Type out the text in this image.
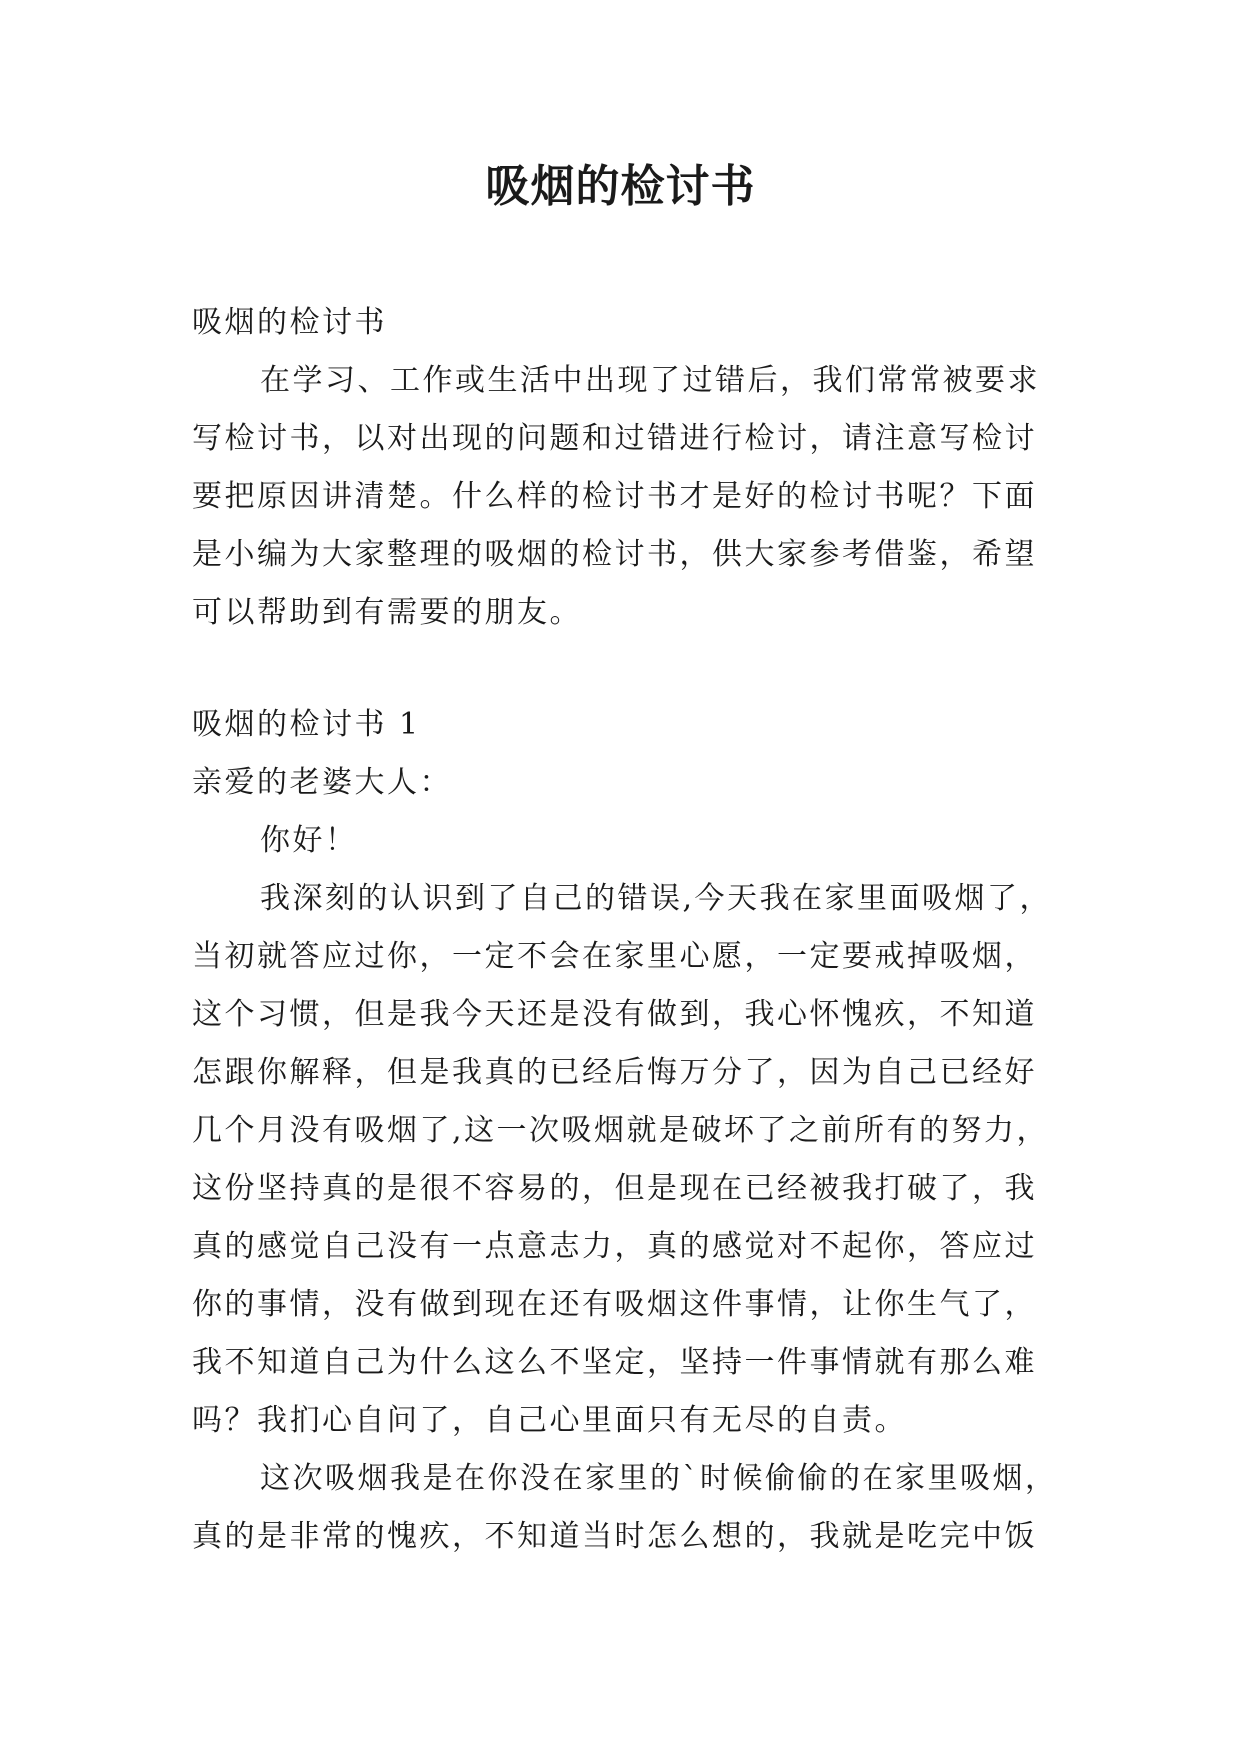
吸烟的检讨书

吸烟的检讨书

在学习、工作或生活中出现了过错后，我们常常被要求

写检讨书，以对出现的问题和过错进行检讨，请注意写检讨

要把原因讲清楚。什么样的检讨书才是好的检讨书呢？下面

是小编为大家整理的吸烟的检讨书，供大家参考借鉴，希望

可以帮助到有需要的朋友。

吸烟的检讨书 1

亲爱的老婆大人：

你好！

我深刻的认识到了自己的错误,今天我在家里面吸烟了，

当初就答应过你，一定不会在家里心愿，一定要戒掉吸烟，

这个习惯，但是我今天还是没有做到，我心怀愧疚，不知道

怎跟你解释，但是我真的已经后悔万分了，因为自己已经好

几个月没有吸烟了,这一次吸烟就是破坏了之前所有的努力，

这份坚持真的是很不容易的，但是现在已经被我打破了，我

真的感觉自己没有一点意志力，真的感觉对不起你，答应过

你的事情，没有做到现在还有吸烟这件事情，让你生气了，

我不知道自己为什么这么不坚定，坚持一件事情就有那么难

吗？我扪心自问了，自己心里面只有无尽的自责。

这次吸烟我是在你没在家里的`时候偷偷的在家里吸烟，

真的是非常的愧疚，不知道当时怎么想的，我就是吃完中饭
